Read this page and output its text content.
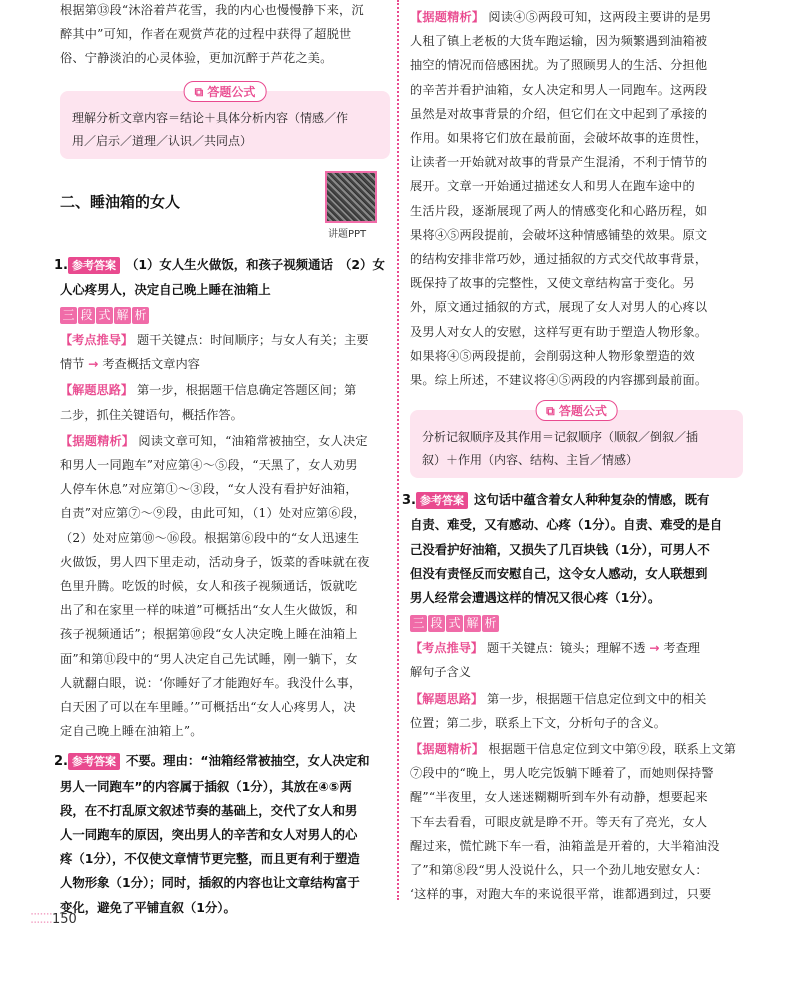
根据第⑬段“沐浴着芦花雪，我的内心也慢慢静下来，沉

醉其中”可知，作者在观赏芦花的过程中获得了超脱世

俗、宁静淡泊的心灵体验，更加沉醉于芦花之美。

⧉ 答题公式

理解分析文章内容＝结论＋具体分析内容（情感／作

用／启示／道理／认识／共同点）

二、睡油箱的女人
讲题PPT

1. 参考答案 （1）女人生火做饭，和孩子视频通话　（2）女

人心疼男人，决定自己晚上睡在油箱上

三 段 式 解 析

【考点推导】 题干关键点：时间顺序；与女人有关；主要

情节 → 考查概括文章内容

【解题思路】 第一步，根据题干信息确定答题区间；第

二步，抓住关键语句，概括作答。

【据题精析】 阅读文章可知，“油箱常被抽空，女人决定

和男人一同跑车”对应第④～⑤段，“天黑了，女人劝男

人停车休息”对应第①～③段，“女人没有看护好油箱，

自责”对应第⑦～⑨段，由此可知，（1）处对应第⑥段，

（2）处对应第⑩～⑯段。根据第⑥段中的“女人迅速生

火做饭，男人四下里走动，活动身子，饭菜的香味就在夜

色里升腾。吃饭的时候，女人和孩子视频通话，饭就吃

出了和在家里一样的味道”可概括出“女人生火做饭，和

孩子视频通话”；根据第⑩段“女人决定晚上睡在油箱上

面”和第⑪段中的“男人决定自己先试睡，刚一躺下，女

人就翻白眼，说：‘你睡好了才能跑好车。我没什么事，

白天困了可以在车里睡。’”可概括出“女人心疼男人，决

定自己晚上睡在油箱上”。

2. 参考答案 不要。理由：“油箱经常被抽空，女人决定和

男人一同跑车”的内容属于插叙（1分），其放在④⑤两

段，在不打乱原文叙述节奏的基础上，交代了女人和男

人一同跑车的原因，突出男人的辛苦和女人对男人的心

疼（1分），不仅使文章情节更完整，而且更有利于塑造

人物形象（1分）；同时，插叙的内容也让文章结构富于

变化，避免了平铺直叙（1分）。

【据题精析】 阅读④⑤两段可知，这两段主要讲的是男

人租了镇上老板的大货车跑运输，因为频繁遇到油箱被

抽空的情况而倍感困扰。为了照顾男人的生活、分担他

的辛苦并看护油箱，女人决定和男人一同跑车。这两段

虽然是对故事背景的介绍，但它们在文中起到了承接的

作用。如果将它们放在最前面，会破坏故事的连贯性，

让读者一开始就对故事的背景产生混淆，不利于情节的

展开。文章一开始通过描述女人和男人在跑车途中的

生活片段，逐渐展现了两人的情感变化和心路历程，如

果将④⑤两段提前，会破坏这种情感铺垫的效果。原文

的结构安排非常巧妙，通过插叙的方式交代故事背景，

既保持了故事的完整性，又使文章结构富于变化。另

外，原文通过插叙的方式，展现了女人对男人的心疼以

及男人对女人的安慰，这样写更有助于塑造人物形象。

如果将④⑤两段提前，会削弱这种人物形象塑造的效

果。综上所述，不建议将④⑤两段的内容挪到最前面。

⧉ 答题公式

分析记叙顺序及其作用＝记叙顺序（顺叙／倒叙／插

叙）＋作用（内容、结构、主旨／情感）

3. 参考答案 这句话中蕴含着女人种种复杂的情感，既有

自责、难受，又有感动、心疼（1分）。自责、难受的是自

己没看护好油箱，又损失了几百块钱（1分），可男人不

但没有责怪反而安慰自己，这令女人感动，女人联想到

男人经常会遭遇这样的情况又很心疼（1分）。

三 段 式 解 析

【考点推导】 题干关键点：镜头；理解不透 → 考查理

解句子含义

【解题思路】 第一步，根据题干信息定位到文中的相关

位置；第二步，联系上下文，分析句子的含义。

【据题精析】 根据题干信息定位到文中第⑨段，联系上文第

⑦段中的“晚上，男人吃完饭躺下睡着了，而她则保持警

醒”“半夜里，女人迷迷糊糊听到车外有动静，想要起来

下车去看看，可眼皮就是睁不开。等天有了亮光，女人

醒过来，慌忙跳下车一看，油箱盖是开着的，大半箱油没

了”和第⑧段“男人没说什么，只一个劲儿地安慰女人：

‘这样的事，对跑大车的来说很平常，谁都遇到过，只要

⁚⁚⁚⁚⁚⁚⁚150
